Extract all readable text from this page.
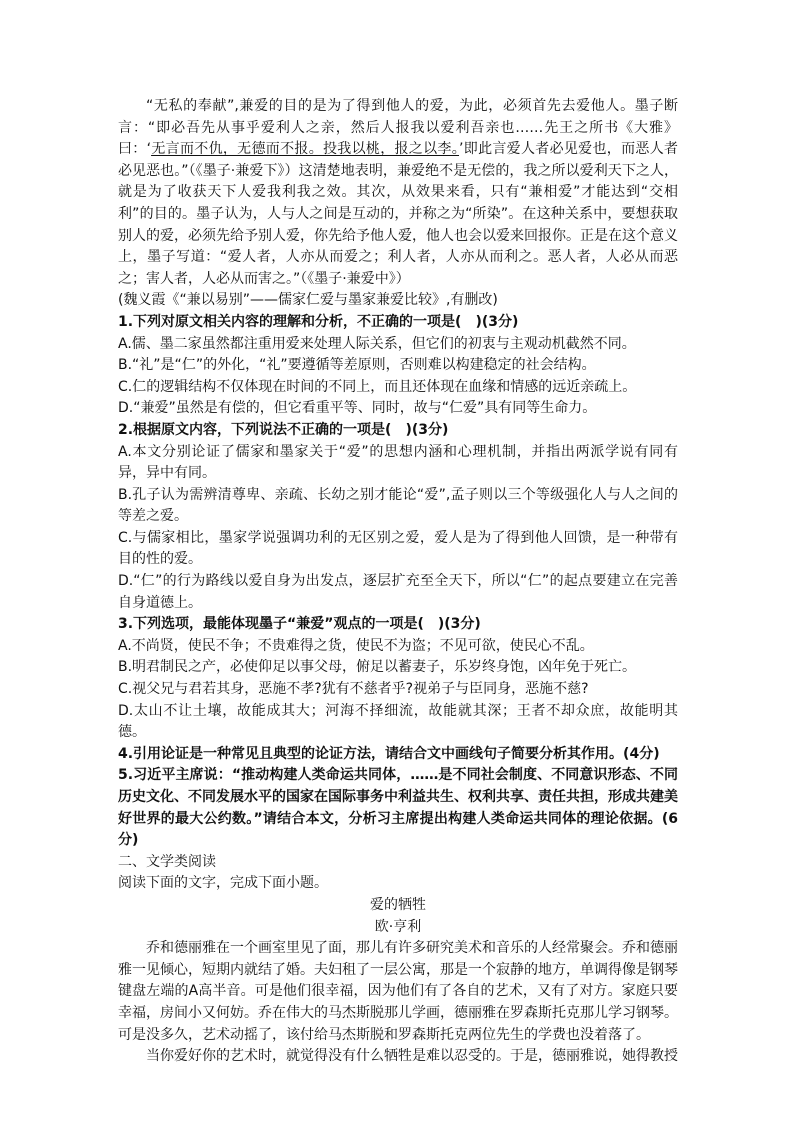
“无私的奉献”,兼爱的目的是为了得到他人的爱，为此，必须首先去爱他人。墨子断言：“即必吾先从事乎爱利人之亲，然后人报我以爱利吾亲也……先王之所书《大雅》曰：‘无言而不仇，无德而不报。投我以桃，报之以李。’即此言爱人者必见爱也，而恶人者必见恶也。”（《墨子·兼爱下》）这清楚地表明，兼爱绝不是无偿的，我之所以爱利天下之人，就是为了收获天下人爱我利我之效。其次，从效果来看，只有“兼相爱”才能达到“交相利”的目的。墨子认为，人与人之间是互动的，并称之为“所染”。在这种关系中，要想获取别人的爱，必须先给予别人爱，你先给予他人爱，他人也会以爱来回报你。正是在这个意义上，墨子写道：“爱人者，人亦从而爱之；利人者，人亦从而利之。恶人者，人必从而恶之；害人者，人必从而害之。”（《墨子·兼爱中》）

(魏义霞《“兼以易别”——儒家仁爱与墨家兼爱比较》,有删改)

1.下列对原文相关内容的理解和分析，不正确的一项是(　)(3分)

A.儒、墨二家虽然都注重用爱来处理人际关系，但它们的初衷与主观动机截然不同。

B.“礼”是“仁”的外化，“礼”要遵循等差原则，否则难以构建稳定的社会结构。

C.仁的逻辑结构不仅体现在时间的不同上，而且还体现在血缘和情感的远近亲疏上。

D.“兼爱”虽然是有偿的，但它看重平等、同时，故与“仁爱”具有同等生命力。

2.根据原文内容，下列说法不正确的一项是(　)(3分)

A.本文分别论证了儒家和墨家关于“爱”的思想内涵和心理机制，并指出两派学说有同有异，异中有同。

B.孔子认为需辨清尊卑、亲疏、长幼之别才能论“爱”,孟子则以三个等级强化人与人之间的等差之爱。

C.与儒家相比，墨家学说强调功利的无区别之爱，爱人是为了得到他人回馈，是一种带有目的性的爱。

D.“仁”的行为路线以爱自身为出发点，逐层扩充至全天下，所以“仁”的起点要建立在完善自身道德上。

3.下列选项，最能体现墨子“兼爱”观点的一项是(　)(3分)

A.不尚贤，使民不争；不贵难得之货，使民不为盗；不见可欲，使民心不乱。

B.明君制民之产，必使仰足以事父母，俯足以蓄妻子，乐岁终身饱，凶年免于死亡。

C.视父兄与君若其身，恶施不孝?犹有不慈者乎?视弟子与臣同身，恶施不慈?

D.太山不让土壤，故能成其大；河海不择细流，故能就其深；王者不却众庶，故能明其德。

4.引用论证是一种常见且典型的论证方法，请结合文中画线句子简要分析其作用。(4分)

5.习近平主席说：“推动构建人类命运共同体，……是不同社会制度、不同意识形态、不同历史文化、不同发展水平的国家在国际事务中利益共生、权利共享、责任共担，形成共建美好世界的最大公约数。”请结合本文，分析习主席提出构建人类命运共同体的理论依据。(6分)

二、文学类阅读

阅读下面的文字，完成下面小题。

爱的牺牲

欧·亨利

乔和德丽雅在一个画室里见了面，那儿有许多研究美术和音乐的人经常聚会。乔和德丽雅一见倾心，短期内就结了婚。夫妇租了一层公寓，那是一个寂静的地方，单调得像是钢琴键盘左端的A高半音。可是他们很幸福，因为他们有了各自的艺术，又有了对方。家庭只要幸福，房间小又何妨。乔在伟大的马杰斯脱那儿学画，德丽雅在罗森斯托克那儿学习钢琴。可是没多久，艺术动摇了，该付给马杰斯脱和罗森斯托克两位先生的学费也没着落了。

当你爱好你的艺术时，就觉得没有什么牺牲是难以忍受的。于是，德丽雅说，她得教授
